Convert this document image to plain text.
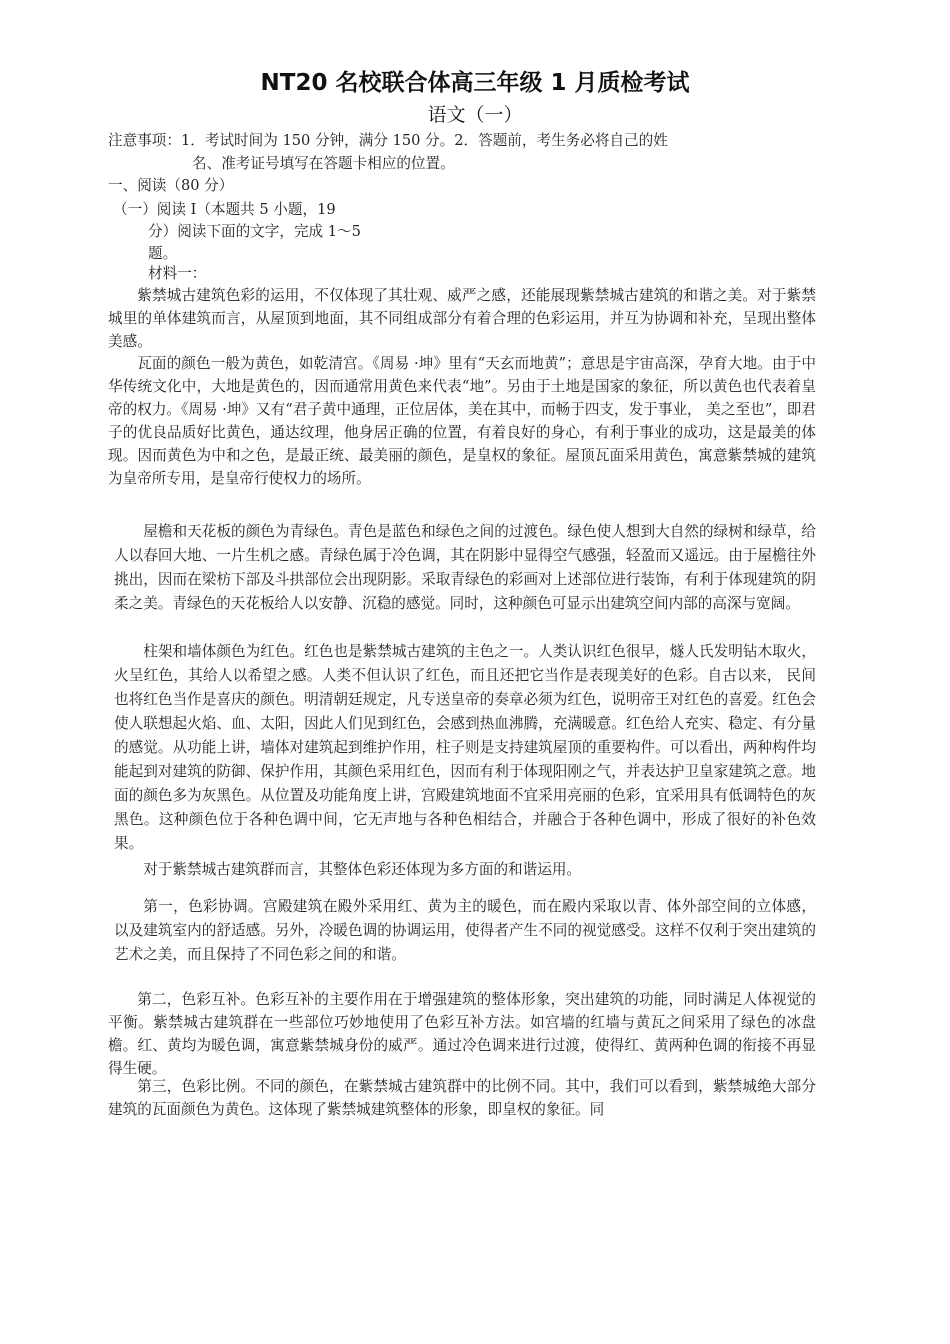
NT20 名校联合体高三年级 1 月质检考试
语文（一）
注意事项：1．考试时间为 150 分钟，满分 150 分。2．答题前，考生务必将自己的姓
名、准考证号填写在答题卡相应的位置。
一、阅读（80 分）
（一）阅读 I（本题共 5 小题，19
分）阅读下面的文字，完成 1～5
题。
材料一：
紫禁城古建筑色彩的运用，不仅体现了其壮观、威严之感，还能展现紫禁城古建筑的和谐之美。对于紫禁城里的单体建筑而言，从屋顶到地面，其不同组成部分有着合理的色彩运用，并互为协调和补充，呈现出整体美感。
瓦面的颜色一般为黄色，如乾清宫。《周易 ·坤》里有“天玄而地黄”；意思是宇宙高深，孕育大地。由于中华传统文化中，大地是黄色的，因而通常用黄色来代表“地”。另由于土地是国家的象征，所以黄色也代表着皇帝的权力。《周易 ·坤》又有“君子黄中通理，正位居体，美在其中，而畅于四支，发于事业， 美之至也”，即君子的优良品质好比黄色，通达纹理，他身居正确的位置，有着良好的身心，有利于事业的成功，这是最美的体现。因而黄色为中和之色，是最正统、最美丽的颜色，是皇权的象征。屋顶瓦面采用黄色，寓意紫禁城的建筑为皇帝所专用，是皇帝行使权力的场所。
屋檐和天花板的颜色为青绿色。青色是蓝色和绿色之间的过渡色。绿色使人想到大自然的绿树和绿草，给人以春回大地、一片生机之感。青绿色属于冷色调，其在阴影中显得空气感强，轻盈而又遥远。由于屋檐往外挑出，因而在梁枋下部及斗拱部位会出现阴影。采取青绿色的彩画对上述部位进行装饰，有利于体现建筑的阴柔之美。青绿色的天花板给人以安静、沉稳的感觉。同时，这种颜色可显示出建筑空间内部的高深与宽阔。
柱架和墙体颜色为红色。红色也是紫禁城古建筑的主色之一。人类认识红色很早，燧人氏发明钻木取火，火呈红色，其给人以希望之感。人类不但认识了红色，而且还把它当作是表现美好的色彩。自古以来， 民间也将红色当作是喜庆的颜色。明清朝廷规定，凡专送皇帝的奏章必须为红色，说明帝王对红色的喜爱。红色会使人联想起火焰、血、太阳，因此人们见到红色，会感到热血沸腾，充满暖意。红色给人充实、稳定、有分量的感觉。从功能上讲，墙体对建筑起到维护作用，柱子则是支持建筑屋顶的重要构件。可以看出，两种构件均能起到对建筑的防御、保护作用，其颜色采用红色，因而有利于体现阳刚之气，并表达护卫皇家建筑之意。地面的颜色多为灰黑色。从位置及功能角度上讲，宫殿建筑地面不宜采用亮丽的色彩，宜采用具有低调特色的灰黑色。这种颜色位于各种色调中间，它无声地与各种色相结合，并融合于各种色调中，形成了很好的补色效果。
对于紫禁城古建筑群而言，其整体色彩还体现为多方面的和谐运用。
第一，色彩协调。宫殿建筑在殿外采用红、黄为主的暖色，而在殿内采取以青、体外部空间的立体感， 以及建筑室内的舒适感。另外，冷暖色调的协调运用，使得者产生不同的视觉感受。这样不仅利于突出建筑的艺术之美，而且保持了不同色彩之间的和谐。
第二，色彩互补。色彩互补的主要作用在于增强建筑的整体形象，突出建筑的功能，同时满足人体视觉的平衡。紫禁城古建筑群在一些部位巧妙地使用了色彩互补方法。如宫墙的红墙与黄瓦之间采用了绿色的冰盘檐。红、黄均为暖色调，寓意紫禁城身份的威严。通过冷色调来进行过渡，使得红、黄两种色调的衔接不再显得生硬。
第三，色彩比例。不同的颜色，在紫禁城古建筑群中的比例不同。其中，我们可以看到，紫禁城绝大部分建筑的瓦面颜色为黄色。这体现了紫禁城建筑整体的形象，即皇权的象征。同
